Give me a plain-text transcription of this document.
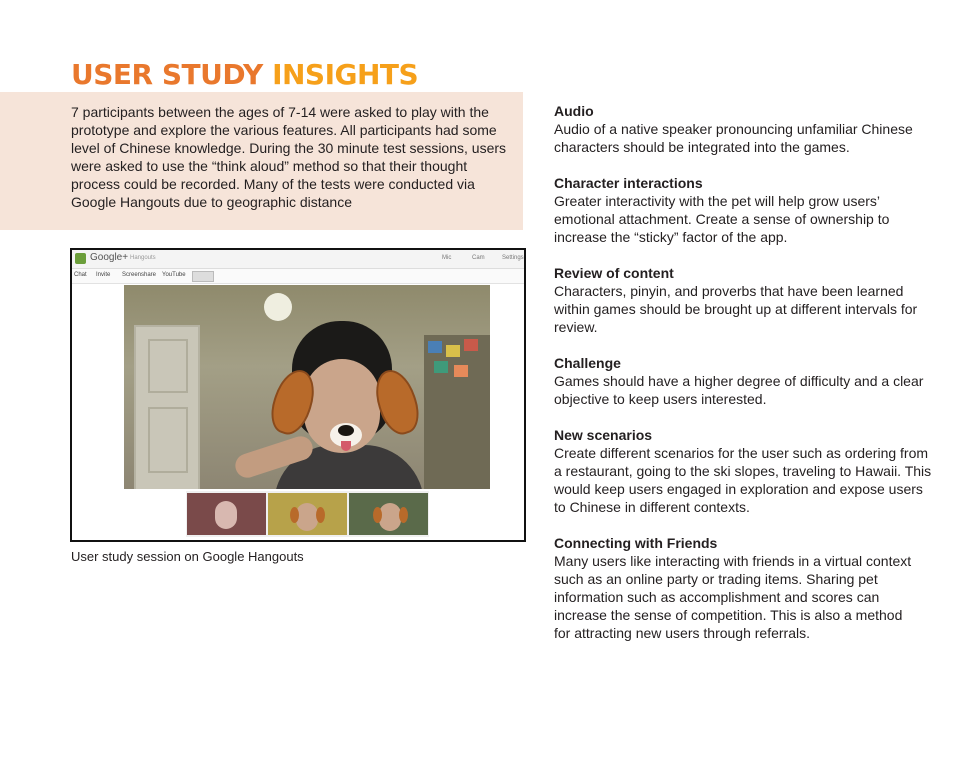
USER STUDY INSIGHTS

7 participants between the ages of 7-14 were asked to play with the prototype and explore the various features. All participants had some level of Chinese knowledge. During the 30 minute test sessions, users were asked to use the “think aloud” method so that their thought process could be recorded. Many of the tests were conducted via Google Hangouts due to geographic distance

Google+ Hangouts	Mic	Cam	Settings
Chat Invite Screenshare YouTube

User study session on Google Hangouts

Audio

Audio of a native speaker pronouncing unfamiliar Chinese characters should be integrated into the games.

Character interactions

Greater interactivity with the pet will help grow users’ emotional attachment. Create a sense of ownership to increase the “sticky” factor of the app.

Review of content

Characters, pinyin, and proverbs that have been learned within games should be brought up at different intervals for review.

Challenge

Games should have a higher degree of difficulty and a clear objective to keep users interested.

New scenarios

Create different scenarios for the user such as ordering from a restaurant, going to the ski slopes, traveling to Hawaii. This would keep users engaged in exploration and expose users to Chinese in different contexts.

Connecting with Friends

Many users like interacting with friends in a virtual context such as an online party or trading items. Sharing pet information such as accomplishment and scores can increase the sense of competition. This is also a method
for attracting new users through referrals.
